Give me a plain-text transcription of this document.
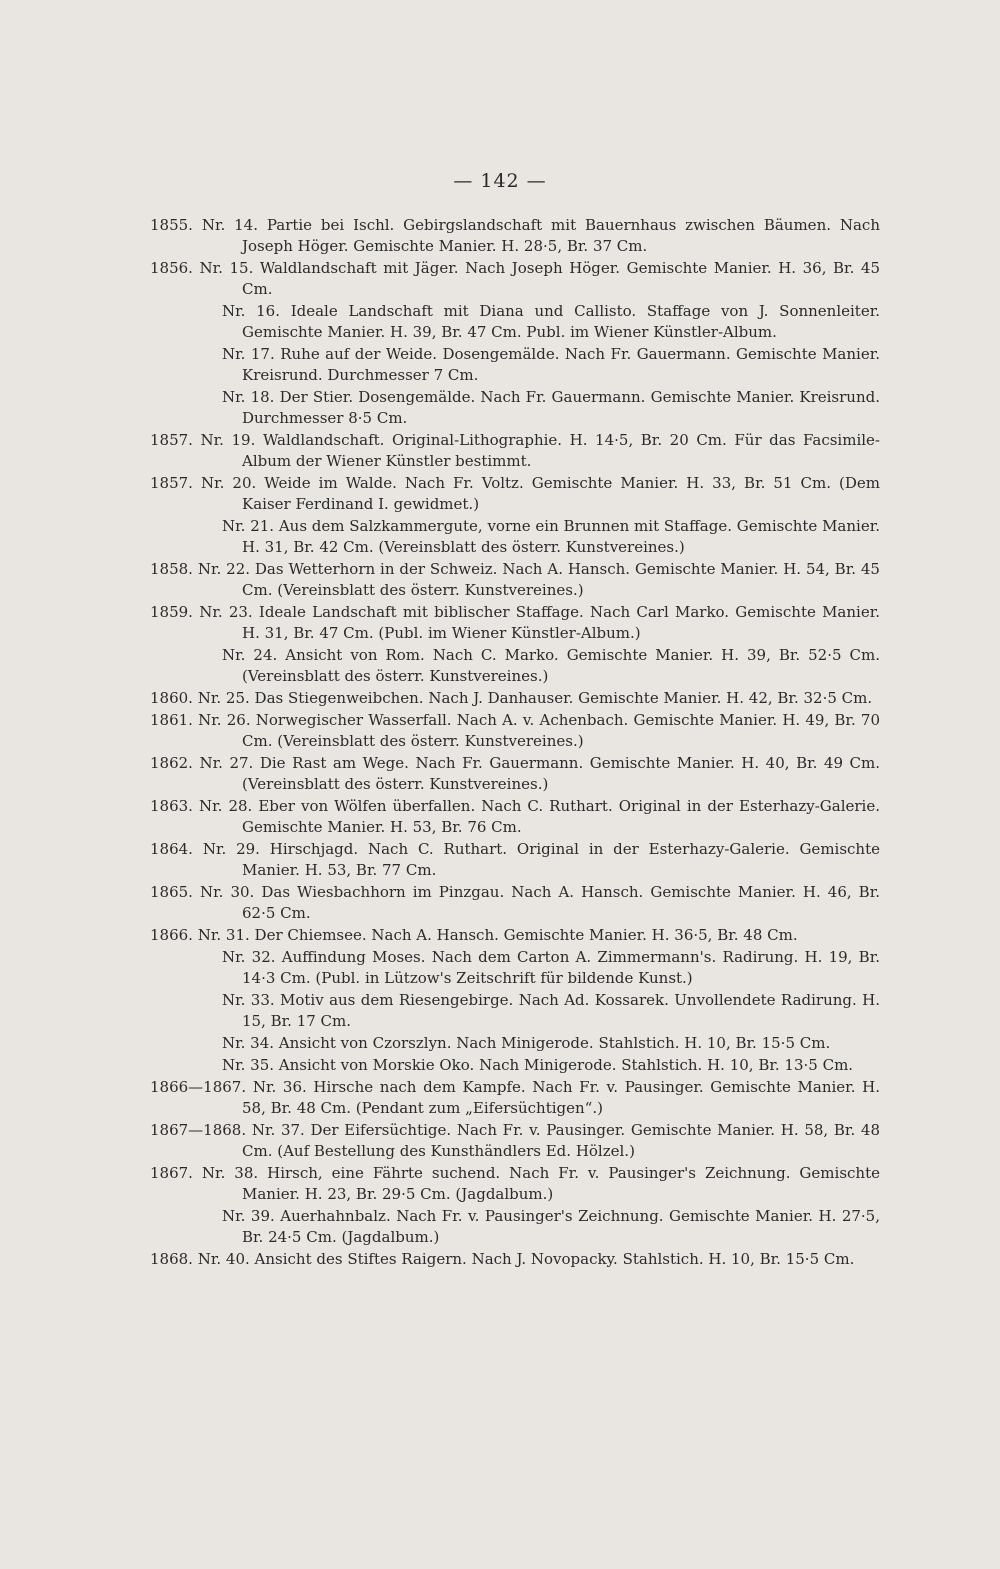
— 142 —
1855. Nr. 14. Partie bei Ischl. Gebirgslandschaft mit Bauernhaus zwischen Bäumen. Nach Joseph Höger. Gemischte Manier. H. 28·5, Br. 37 Cm.
1856. Nr. 15. Waldlandschaft mit Jäger. Nach Joseph Höger. Gemischte Manier. H. 36, Br. 45 Cm.
Nr. 16. Ideale Landschaft mit Diana und Callisto. Staffage von J. Sonnenleiter. Gemischte Manier. H. 39, Br. 47 Cm. Publ. im Wiener Künstler-Album.
Nr. 17. Ruhe auf der Weide. Dosengemälde. Nach Fr. Gauermann. Gemischte Manier. Kreisrund. Durchmesser 7 Cm.
Nr. 18. Der Stier. Dosengemälde. Nach Fr. Gauermann. Gemischte Manier. Kreisrund. Durchmesser 8·5 Cm.
1857. Nr. 19. Waldlandschaft. Original-Lithographie. H. 14·5, Br. 20 Cm. Für das Facsimile-Album der Wiener Künstler bestimmt.
1857. Nr. 20. Weide im Walde. Nach Fr. Voltz. Gemischte Manier. H. 33, Br. 51 Cm. (Dem Kaiser Ferdinand I. gewidmet.)
Nr. 21. Aus dem Salzkammergute, vorne ein Brunnen mit Staffage. Gemischte Manier. H. 31, Br. 42 Cm. (Vereinsblatt des österr. Kunstvereines.)
1858. Nr. 22. Das Wetterhorn in der Schweiz. Nach A. Hansch. Gemischte Manier. H. 54, Br. 45 Cm. (Vereinsblatt des österr. Kunstvereines.)
1859. Nr. 23. Ideale Landschaft mit biblischer Staffage. Nach Carl Marko. Gemischte Manier. H. 31, Br. 47 Cm. (Publ. im Wiener Künstler-Album.)
Nr. 24. Ansicht von Rom. Nach C. Marko. Gemischte Manier. H. 39, Br. 52·5 Cm. (Vereinsblatt des österr. Kunstvereines.)
1860. Nr. 25. Das Stiegenweibchen. Nach J. Danhauser. Gemischte Manier. H. 42, Br. 32·5 Cm.
1861. Nr. 26. Norwegischer Wasserfall. Nach A. v. Achenbach. Gemischte Manier. H. 49, Br. 70 Cm. (Vereinsblatt des österr. Kunstvereines.)
1862. Nr. 27. Die Rast am Wege. Nach Fr. Gauermann. Gemischte Manier. H. 40, Br. 49 Cm. (Vereinsblatt des österr. Kunstvereines.)
1863. Nr. 28. Eber von Wölfen überfallen. Nach C. Ruthart. Original in der Esterhazy-Galerie. Gemischte Manier. H. 53, Br. 76 Cm.
1864. Nr. 29. Hirschjagd. Nach C. Ruthart. Original in der Esterhazy-Galerie. Gemischte Manier. H. 53, Br. 77 Cm.
1865. Nr. 30. Das Wiesbachhorn im Pinzgau. Nach A. Hansch. Gemischte Manier. H. 46, Br. 62·5 Cm.
1866. Nr. 31. Der Chiemsee. Nach A. Hansch. Gemischte Manier. H. 36·5, Br. 48 Cm.
Nr. 32. Auffindung Moses. Nach dem Carton A. Zimmermann's. Radirung. H. 19, Br. 14·3 Cm. (Publ. in Lützow's Zeitschrift für bildende Kunst.)
Nr. 33. Motiv aus dem Riesengebirge. Nach Ad. Kossarek. Unvollendete Radirung. H. 15, Br. 17 Cm.
Nr. 34. Ansicht von Czorszlyn. Nach Minigerode. Stahlstich. H. 10, Br. 15·5 Cm.
Nr. 35. Ansicht von Morskie Oko. Nach Minigerode. Stahlstich. H. 10, Br. 13·5 Cm.
1866—1867. Nr. 36. Hirsche nach dem Kampfe. Nach Fr. v. Pausinger. Gemischte Manier. H. 58, Br. 48 Cm. (Pendant zum „Eifersüchtigen“.)
1867—1868. Nr. 37. Der Eifersüchtige. Nach Fr. v. Pausinger. Gemischte Manier. H. 58, Br. 48 Cm. (Auf Bestellung des Kunsthändlers Ed. Hölzel.)
1867. Nr. 38. Hirsch, eine Fährte suchend. Nach Fr. v. Pausinger's Zeichnung. Gemischte Manier. H. 23, Br. 29·5 Cm. (Jagdalbum.)
Nr. 39. Auerhahnbalz. Nach Fr. v. Pausinger's Zeichnung. Gemischte Manier. H. 27·5, Br. 24·5 Cm. (Jagdalbum.)
1868. Nr. 40. Ansicht des Stiftes Raigern. Nach J. Novopacky. Stahlstich. H. 10, Br. 15·5 Cm.
